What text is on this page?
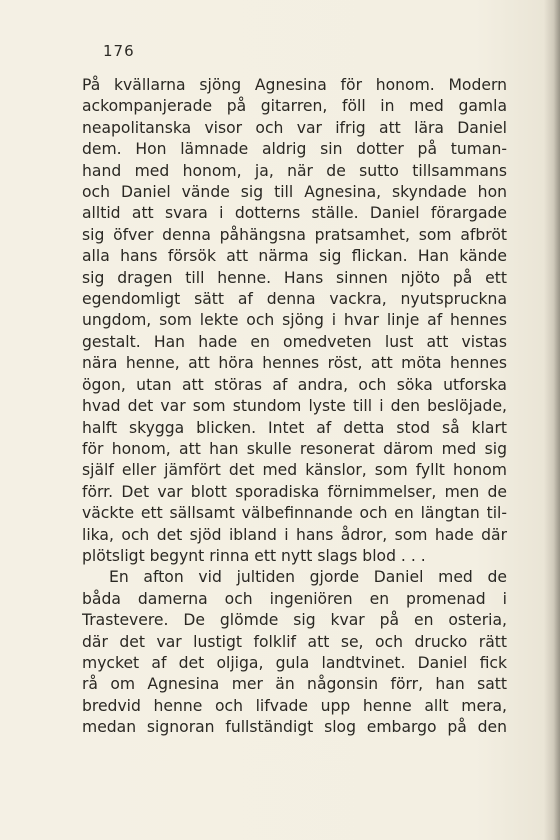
176
På kvällarna sjöng Agnesina för honom. Modern
ackompanjerade på gitarren, föll in med gamla
neapolitanska visor och var ifrig att lära Daniel
dem. Hon lämnade aldrig sin dotter på tuman-
hand med honom, ja, när de sutto tillsammans
och Daniel vände sig till Agnesina, skyndade hon
alltid att svara i dotterns ställe. Daniel förargade
sig öfver denna påhängsna pratsamhet, som afbröt
alla hans försök att närma sig flickan. Han kände
sig dragen till henne. Hans sinnen njöto på ett
egendomligt sätt af denna vackra, nyutspruckna
ungdom, som lekte och sjöng i hvar linje af hennes
gestalt. Han hade en omedveten lust att vistas
nära henne, att höra hennes röst, att möta hennes
ögon, utan att störas af andra, och söka utforska
hvad det var som stundom lyste till i den beslöjade,
halft skygga blicken. Intet af detta stod så klart
för honom, att han skulle resonerat därom med sig
själf eller jämfört det med känslor, som fyllt honom
förr. Det var blott sporadiska förnimmelser, men de
väckte ett sällsamt välbefinnande och en längtan til-
lika, och det sjöd ibland i hans ådror, som hade där
plötsligt begynt rinna ett nytt slags blod . . .
En afton vid jultiden gjorde Daniel med de
båda damerna och ingeniören en promenad i
Trastevere. De glömde sig kvar på en osteria,
där det var lustigt folklif att se, och drucko rätt
mycket af det oljiga, gula landtvinet. Daniel fick
rå om Agnesina mer än någonsin förr, han satt
bredvid henne och lifvade upp henne allt mera,
medan signoran fullständigt slog embargo på den
